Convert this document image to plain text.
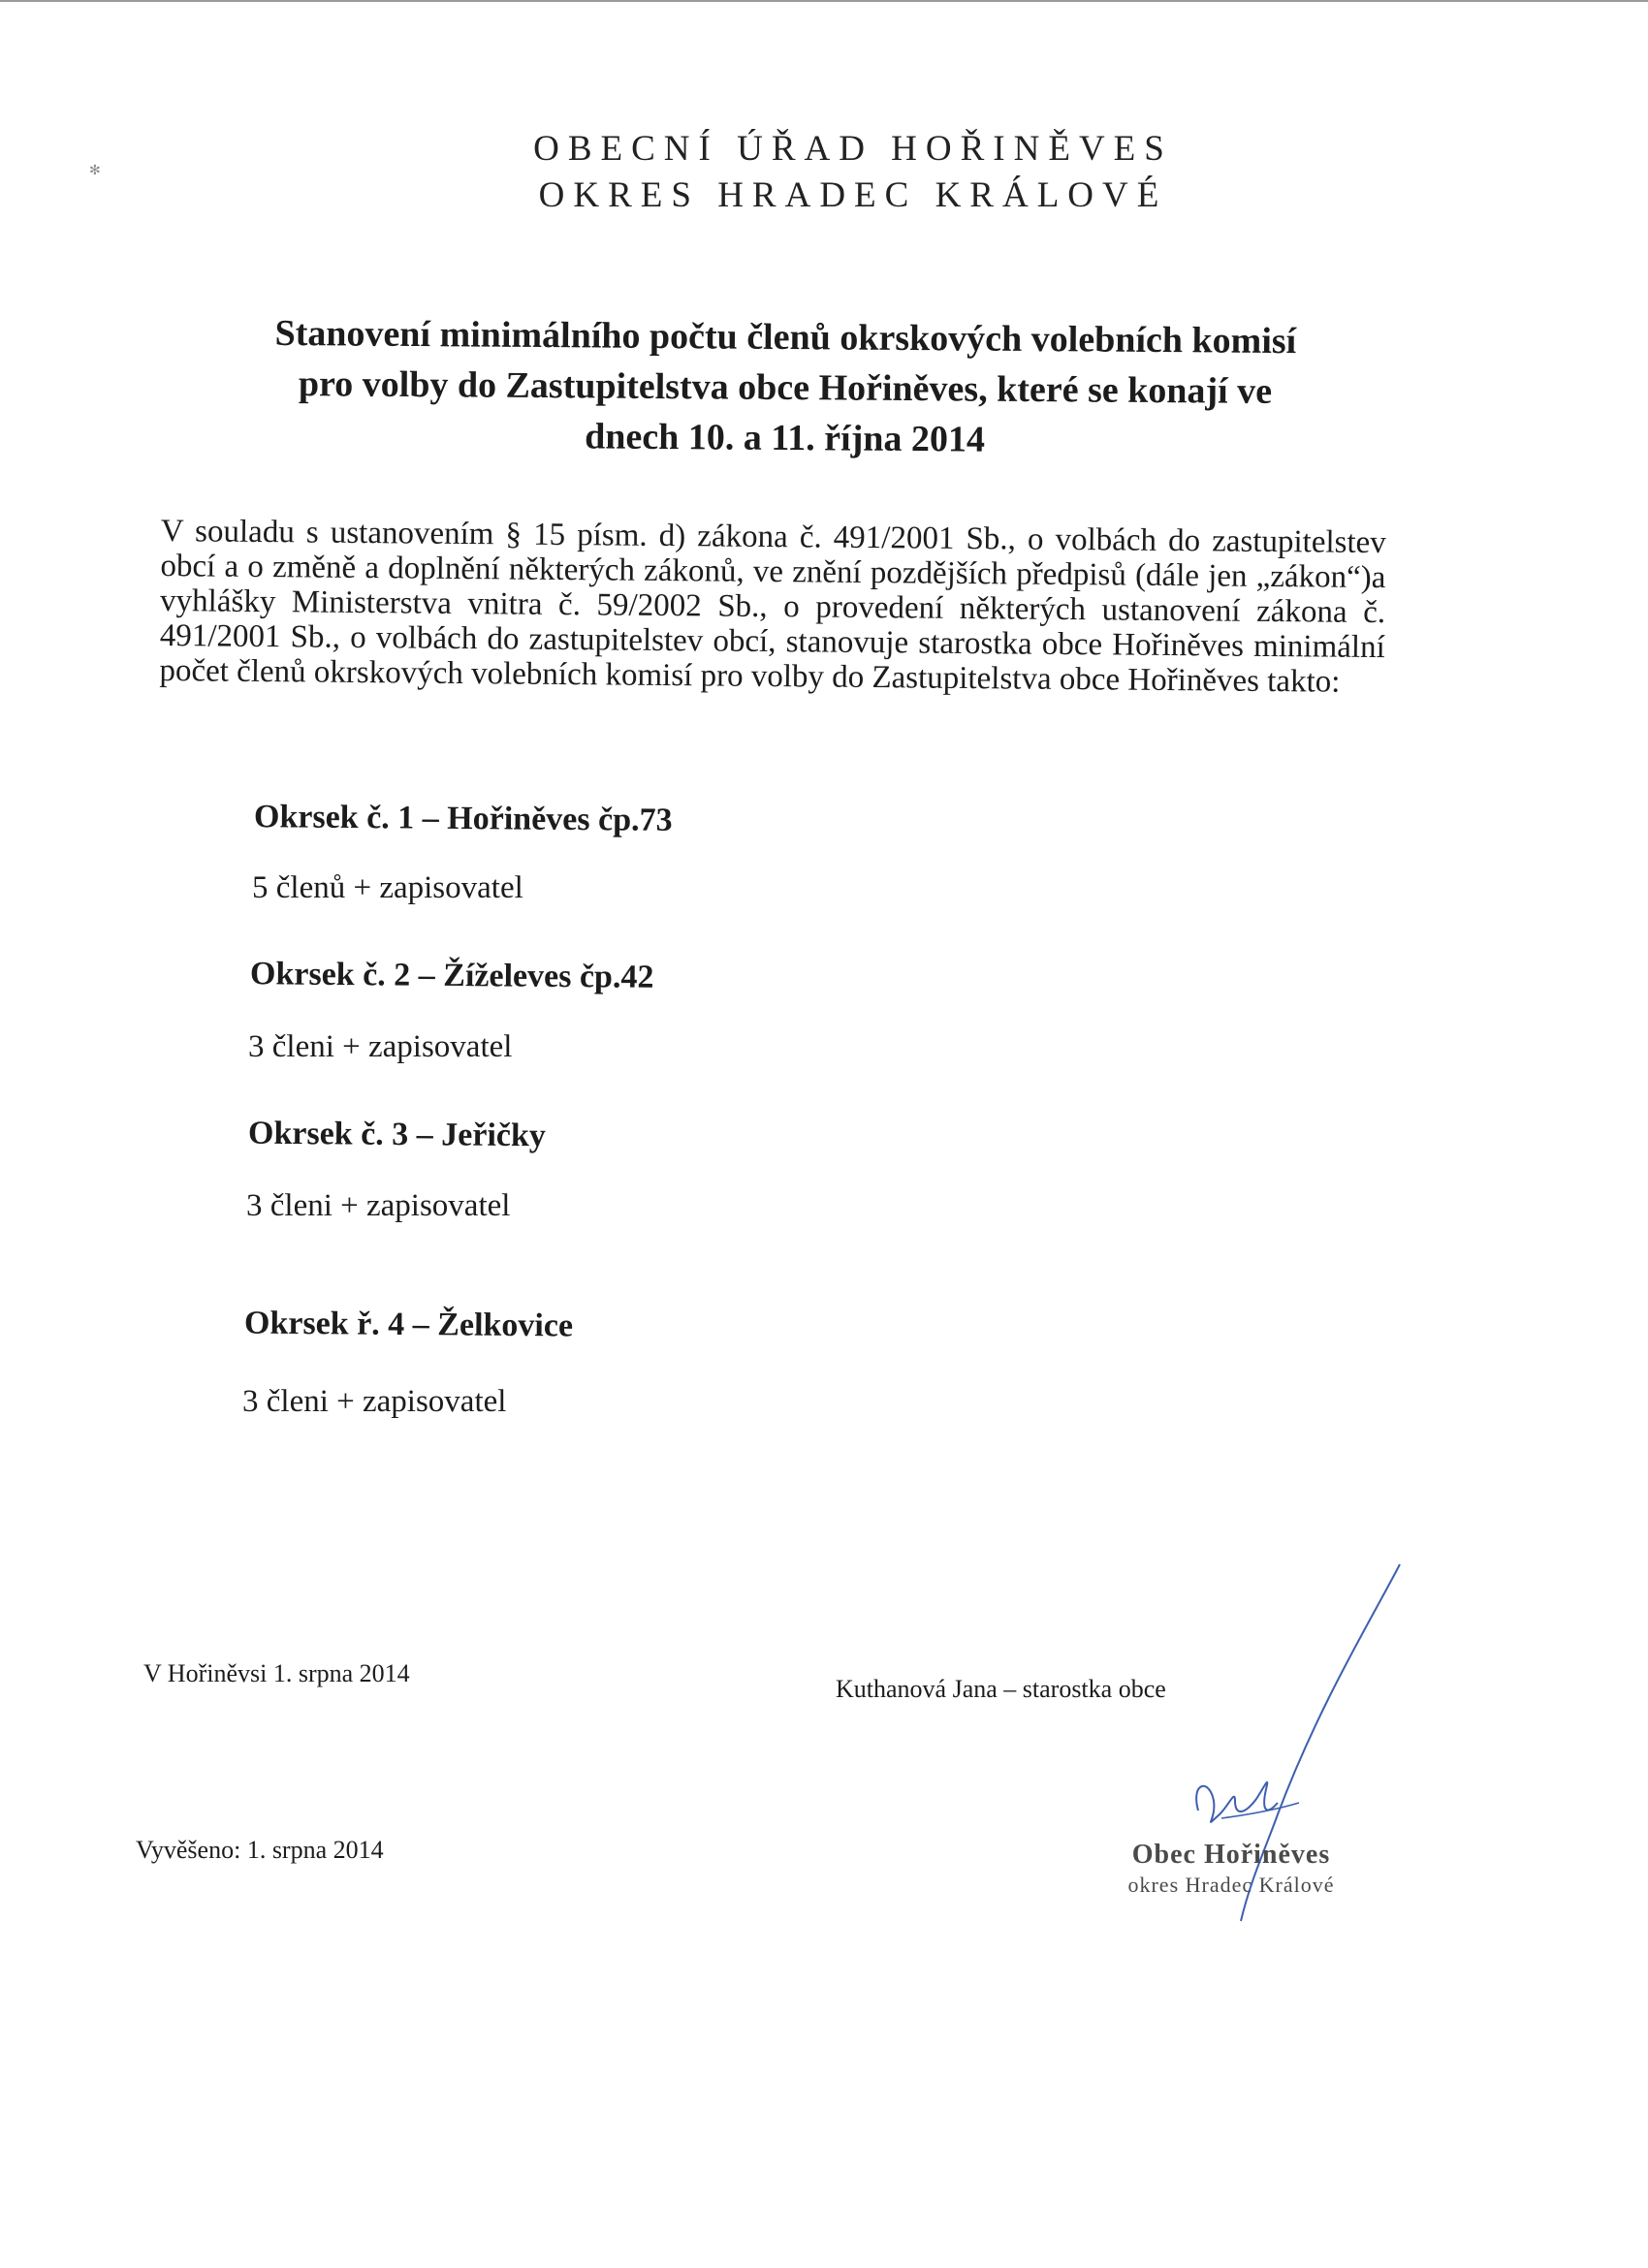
✻
OBECNÍ ÚŘAD HOŘINĚVES
OKRES HRADEC KRÁLOVÉ
Stanovení minimálního počtu členů okrskových volebních komisí
pro volby do Zastupitelstva obce Hořiněves, které se konají ve
dnech 10. a 11. října 2014

V souladu s ustanovením § 15 písm. d) zákona č. 491/2001 Sb., o volbách do zastupitelstev obcí a o změně a doplnění některých zákonů, ve znění pozdějších předpisů (dále jen „zákon“)a vyhlášky Ministerstva vnitra č. 59/2002 Sb., o provedení některých ustanovení zákona č. 491/2001 Sb., o volbách do zastupitelstev obcí, stanovuje starostka obce Hořiněves minimální počet členů okrskových volebních komisí pro volby do Zastupitelstva obce Hořiněves takto:

Okrsek č. 1 – Hořiněves čp.73
5 členů + zapisovatel
Okrsek č. 2 – Žíželeves čp.42
3 členi + zapisovatel
Okrsek č. 3 – Jeřičky
3 členi + zapisovatel
Okrsek ř. 4 – Želkovice
3 členi + zapisovatel
V Hořiněvsi 1. srpna 2014
Kuthanová Jana – starostka obce
Vyvěšeno: 1. srpna 2014	Obec Hořiněves
okres Hradec Králové
